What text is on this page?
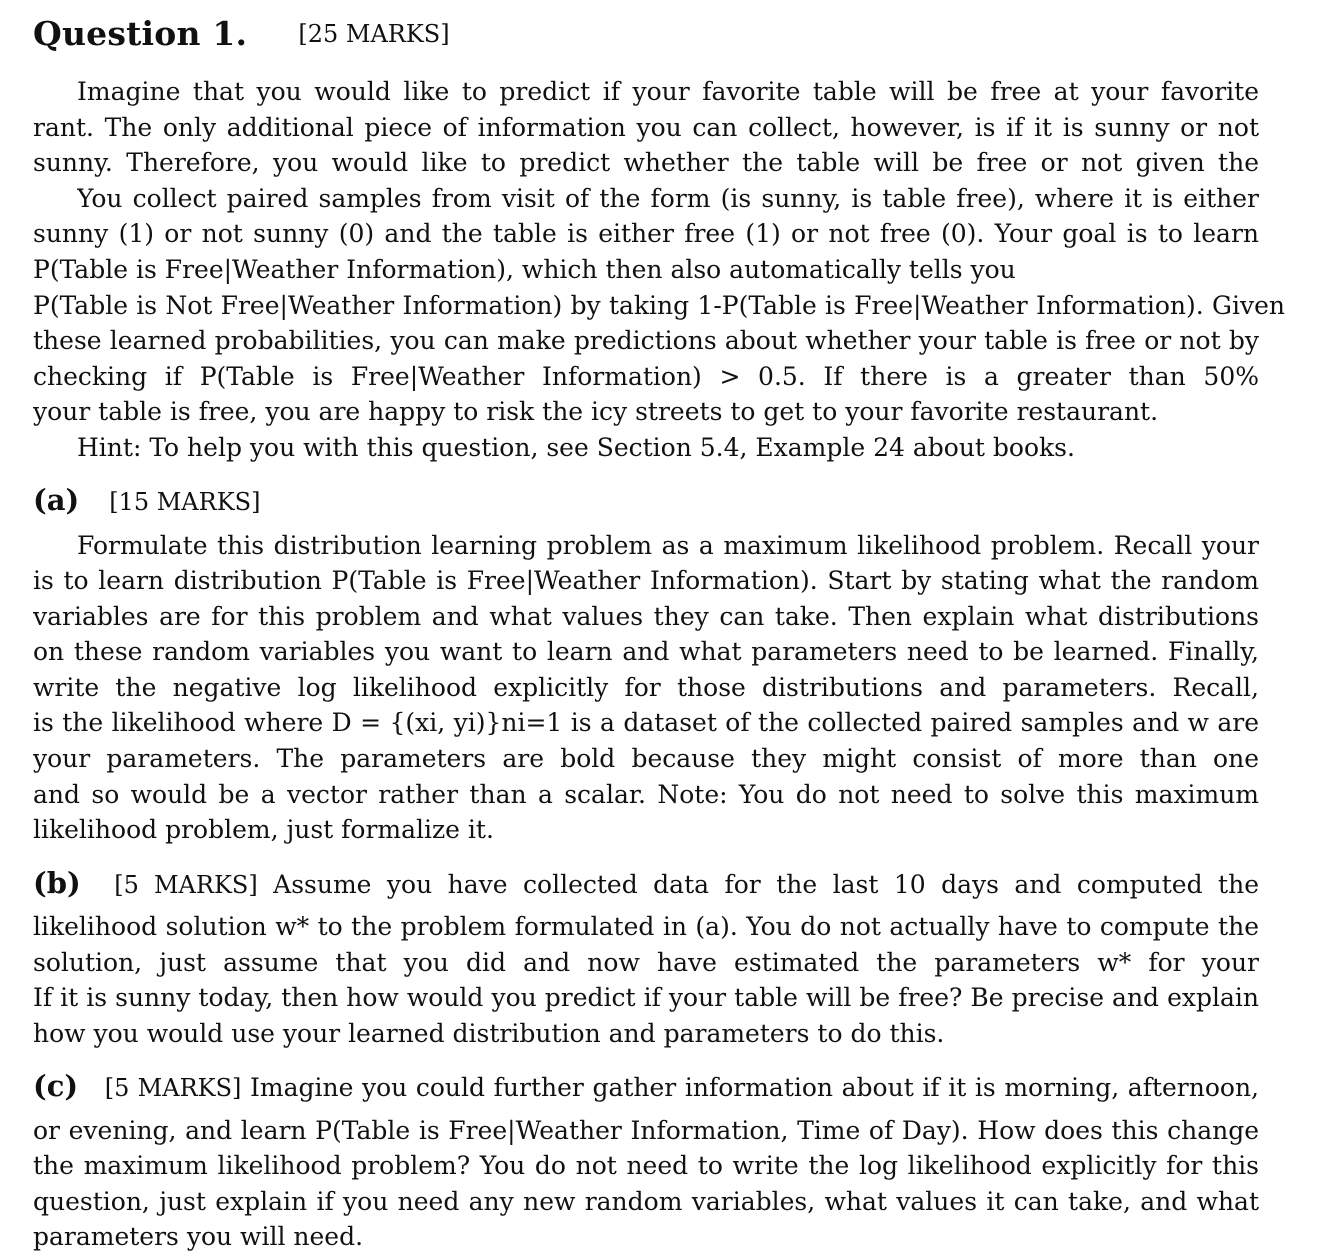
Question 1. [25 MARKS]
Imagine that you would like to predict if your favorite table will be free at your favorite
rant. The only additional piece of information you can collect, however, is if it is sunny or not
sunny. Therefore, you would like to predict whether the table will be free or not given the
You collect paired samples from visit of the form (is sunny, is table free), where it is either
sunny (1) or not sunny (0) and the table is either free (1) or not free (0). Your goal is to learn
P(Table is Free|Weather Information), which then also automatically tells you
P(Table is Not Free|Weather Information) by taking 1-P(Table is Free|Weather Information). Given
these learned probabilities, you can make predictions about whether your table is free or not by
checking if P(Table is Free|Weather Information) > 0.5. If there is a greater than 50%
your table is free, you are happy to risk the icy streets to get to your favorite restaurant.
Hint: To help you with this question, see Section 5.4, Example 24 about books.
(a) [15 MARKS]
Formulate this distribution learning problem as a maximum likelihood problem. Recall your
is to learn distribution P(Table is Free|Weather Information). Start by stating what the random
variables are for this problem and what values they can take. Then explain what distributions
on these random variables you want to learn and what parameters need to be learned. Finally,
write the negative log likelihood explicitly for those distributions and parameters. Recall,
is the likelihood where D = {(xi, yi)}ni=1 is a dataset of the collected paired samples and w are
your parameters. The parameters are bold because they might consist of more than one
and so would be a vector rather than a scalar. Note: You do not need to solve this maximum
likelihood problem, just formalize it.
(b) [5 MARKS] Assume you have collected data for the last 10 days and computed the
likelihood solution w* to the problem formulated in (a). You do not actually have to compute the
solution, just assume that you did and now have estimated the parameters w* for your
If it is sunny today, then how would you predict if your table will be free? Be precise and explain
how you would use your learned distribution and parameters to do this.
(c) [5 MARKS] Imagine you could further gather information about if it is morning, afternoon,
or evening, and learn P(Table is Free|Weather Information, Time of Day). How does this change
the maximum likelihood problem? You do not need to write the log likelihood explicitly for this
question, just explain if you need any new random variables, what values it can take, and what
parameters you will need.
